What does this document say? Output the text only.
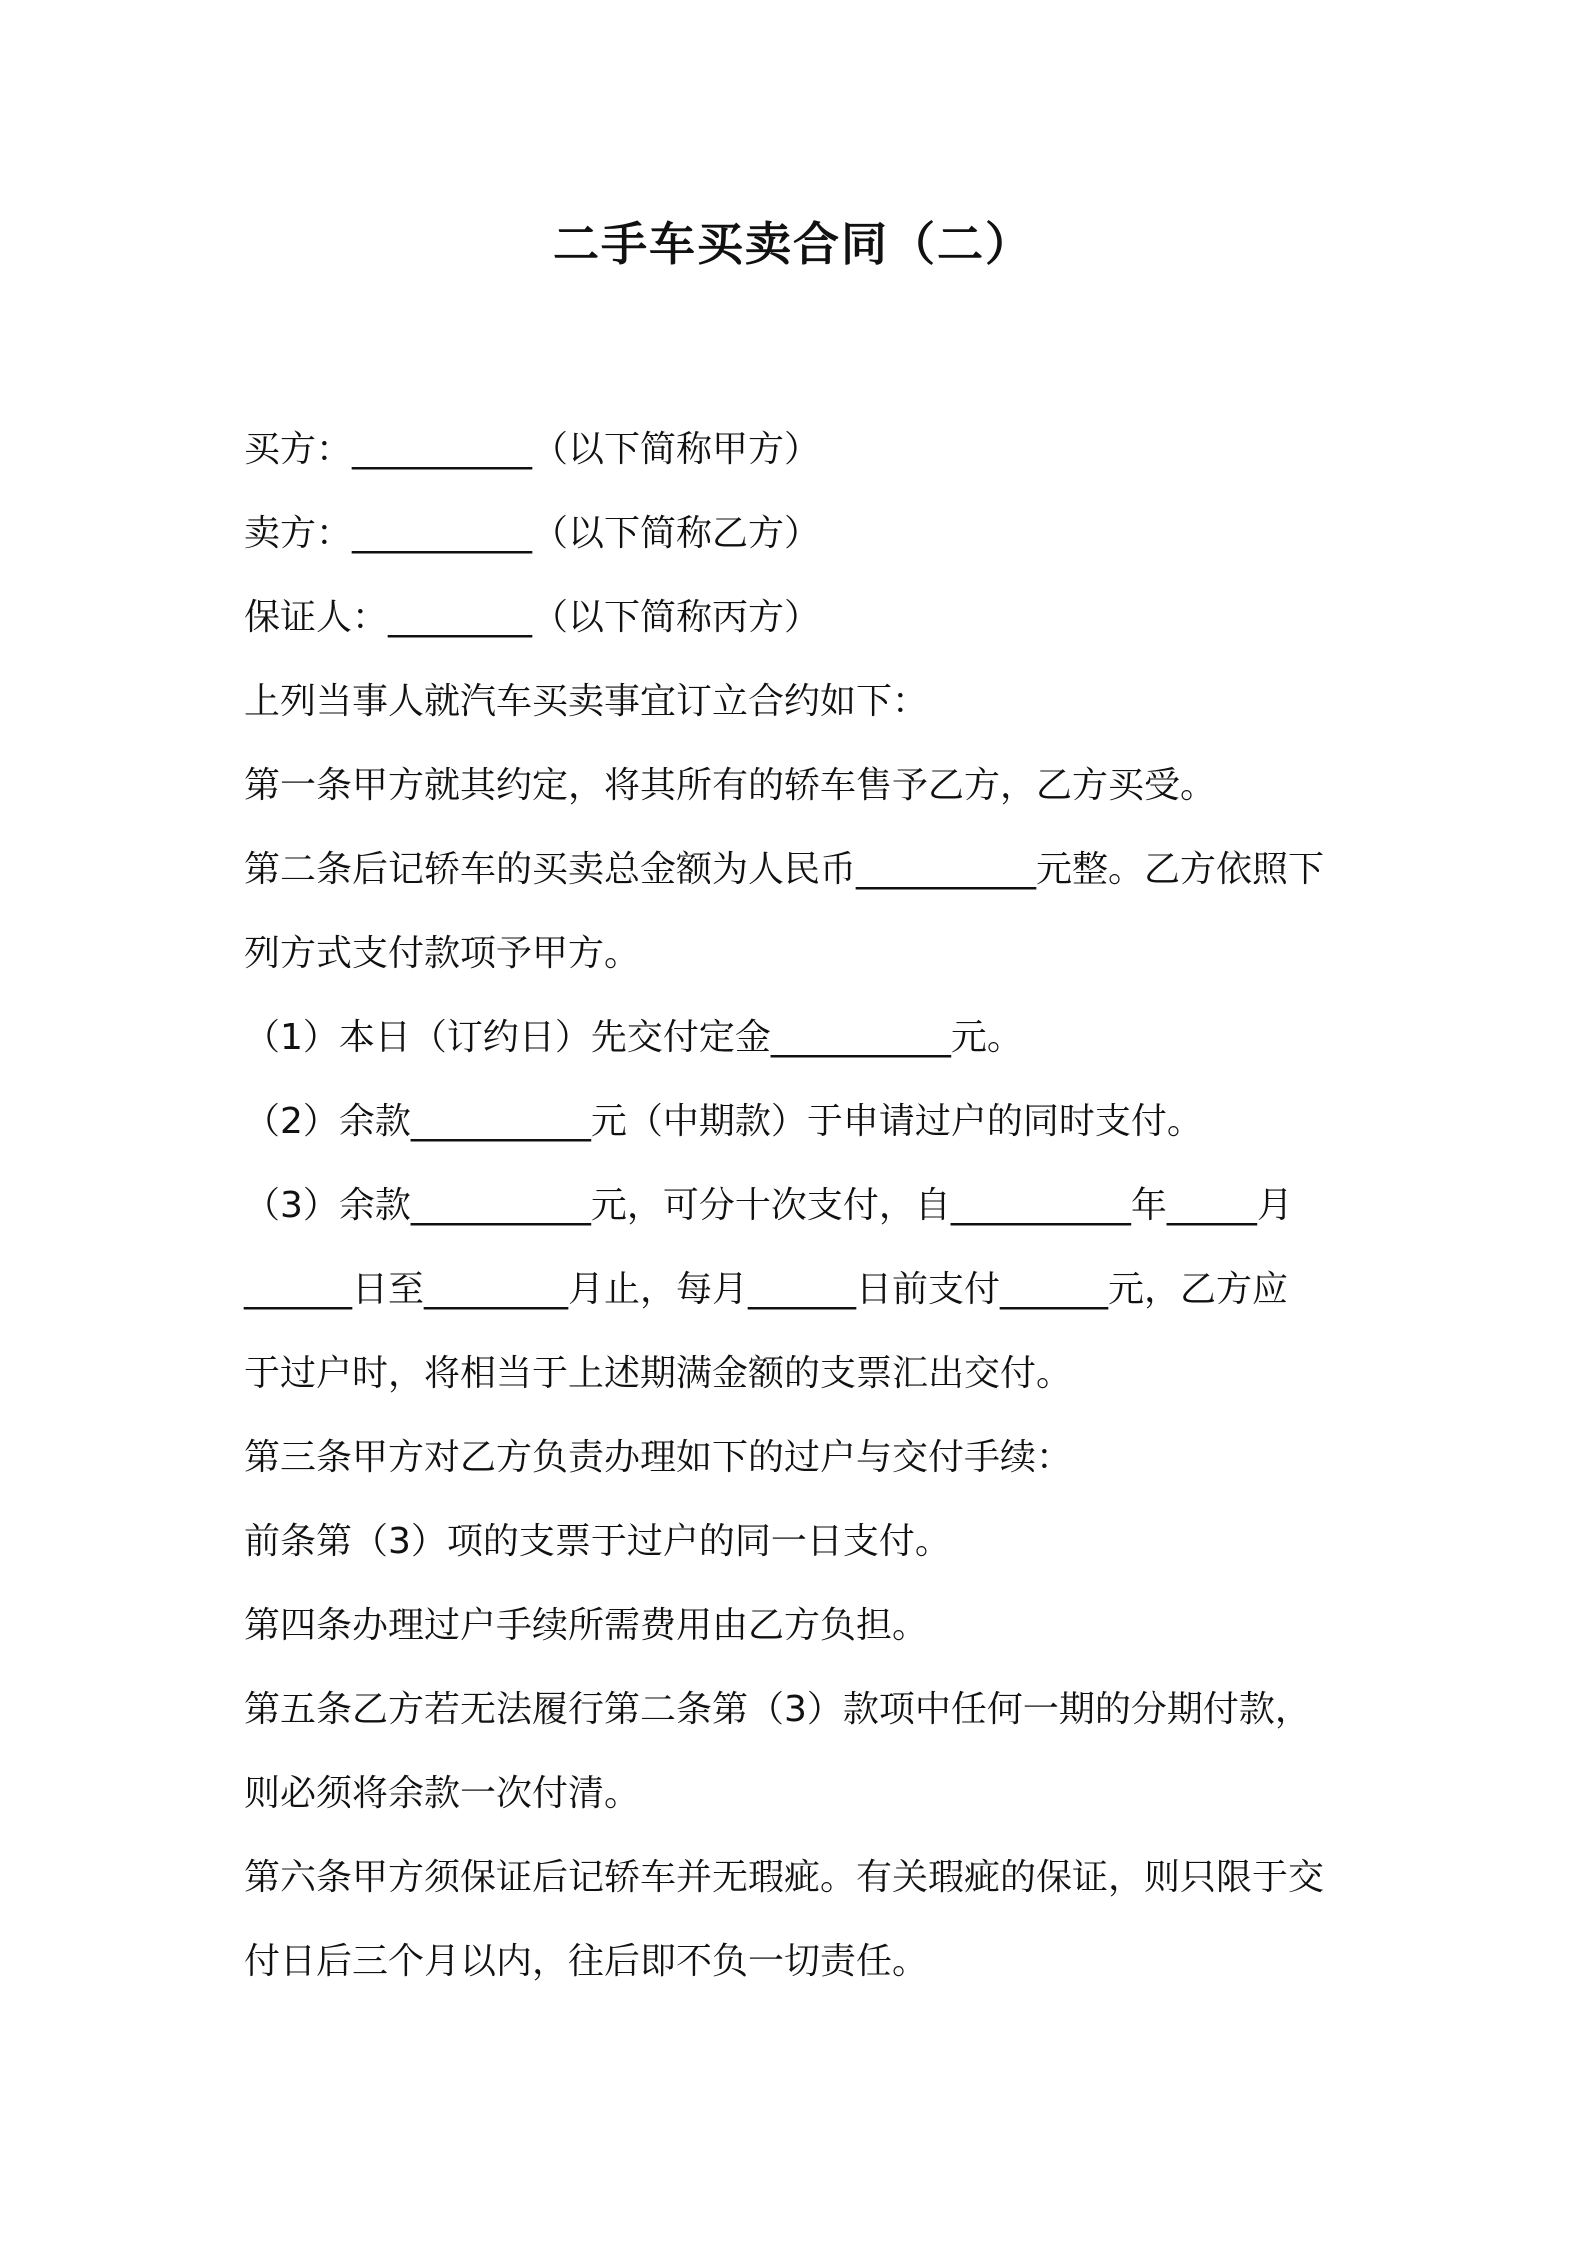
二手车买卖合同（二）
买方：__________（以下简称甲方）
卖方：__________（以下简称乙方）
保证人：________（以下简称丙方）
上列当事人就汽车买卖事宜订立合约如下：
第一条甲方就其约定，将其所有的轿车售予乙方，乙方买受。
第二条后记轿车的买卖总金额为人民币__________元整。乙方依照下
列方式支付款项予甲方。
（1）本日（订约日）先交付定金__________元。
（2）余款__________元（中期款）于申请过户的同时支付。
（3）余款__________元，可分十次支付，自__________年_____月
______日至________月止，每月______日前支付______元，乙方应
于过户时，将相当于上述期满金额的支票汇出交付。
第三条甲方对乙方负责办理如下的过户与交付手续：
前条第（3）项的支票于过户的同一日支付。
第四条办理过户手续所需费用由乙方负担。
第五条乙方若无法履行第二条第（3）款项中任何一期的分期付款，
则必须将余款一次付清。
第六条甲方须保证后记轿车并无瑕疵。有关瑕疵的保证，则只限于交
付日后三个月以内，往后即不负一切责任。
